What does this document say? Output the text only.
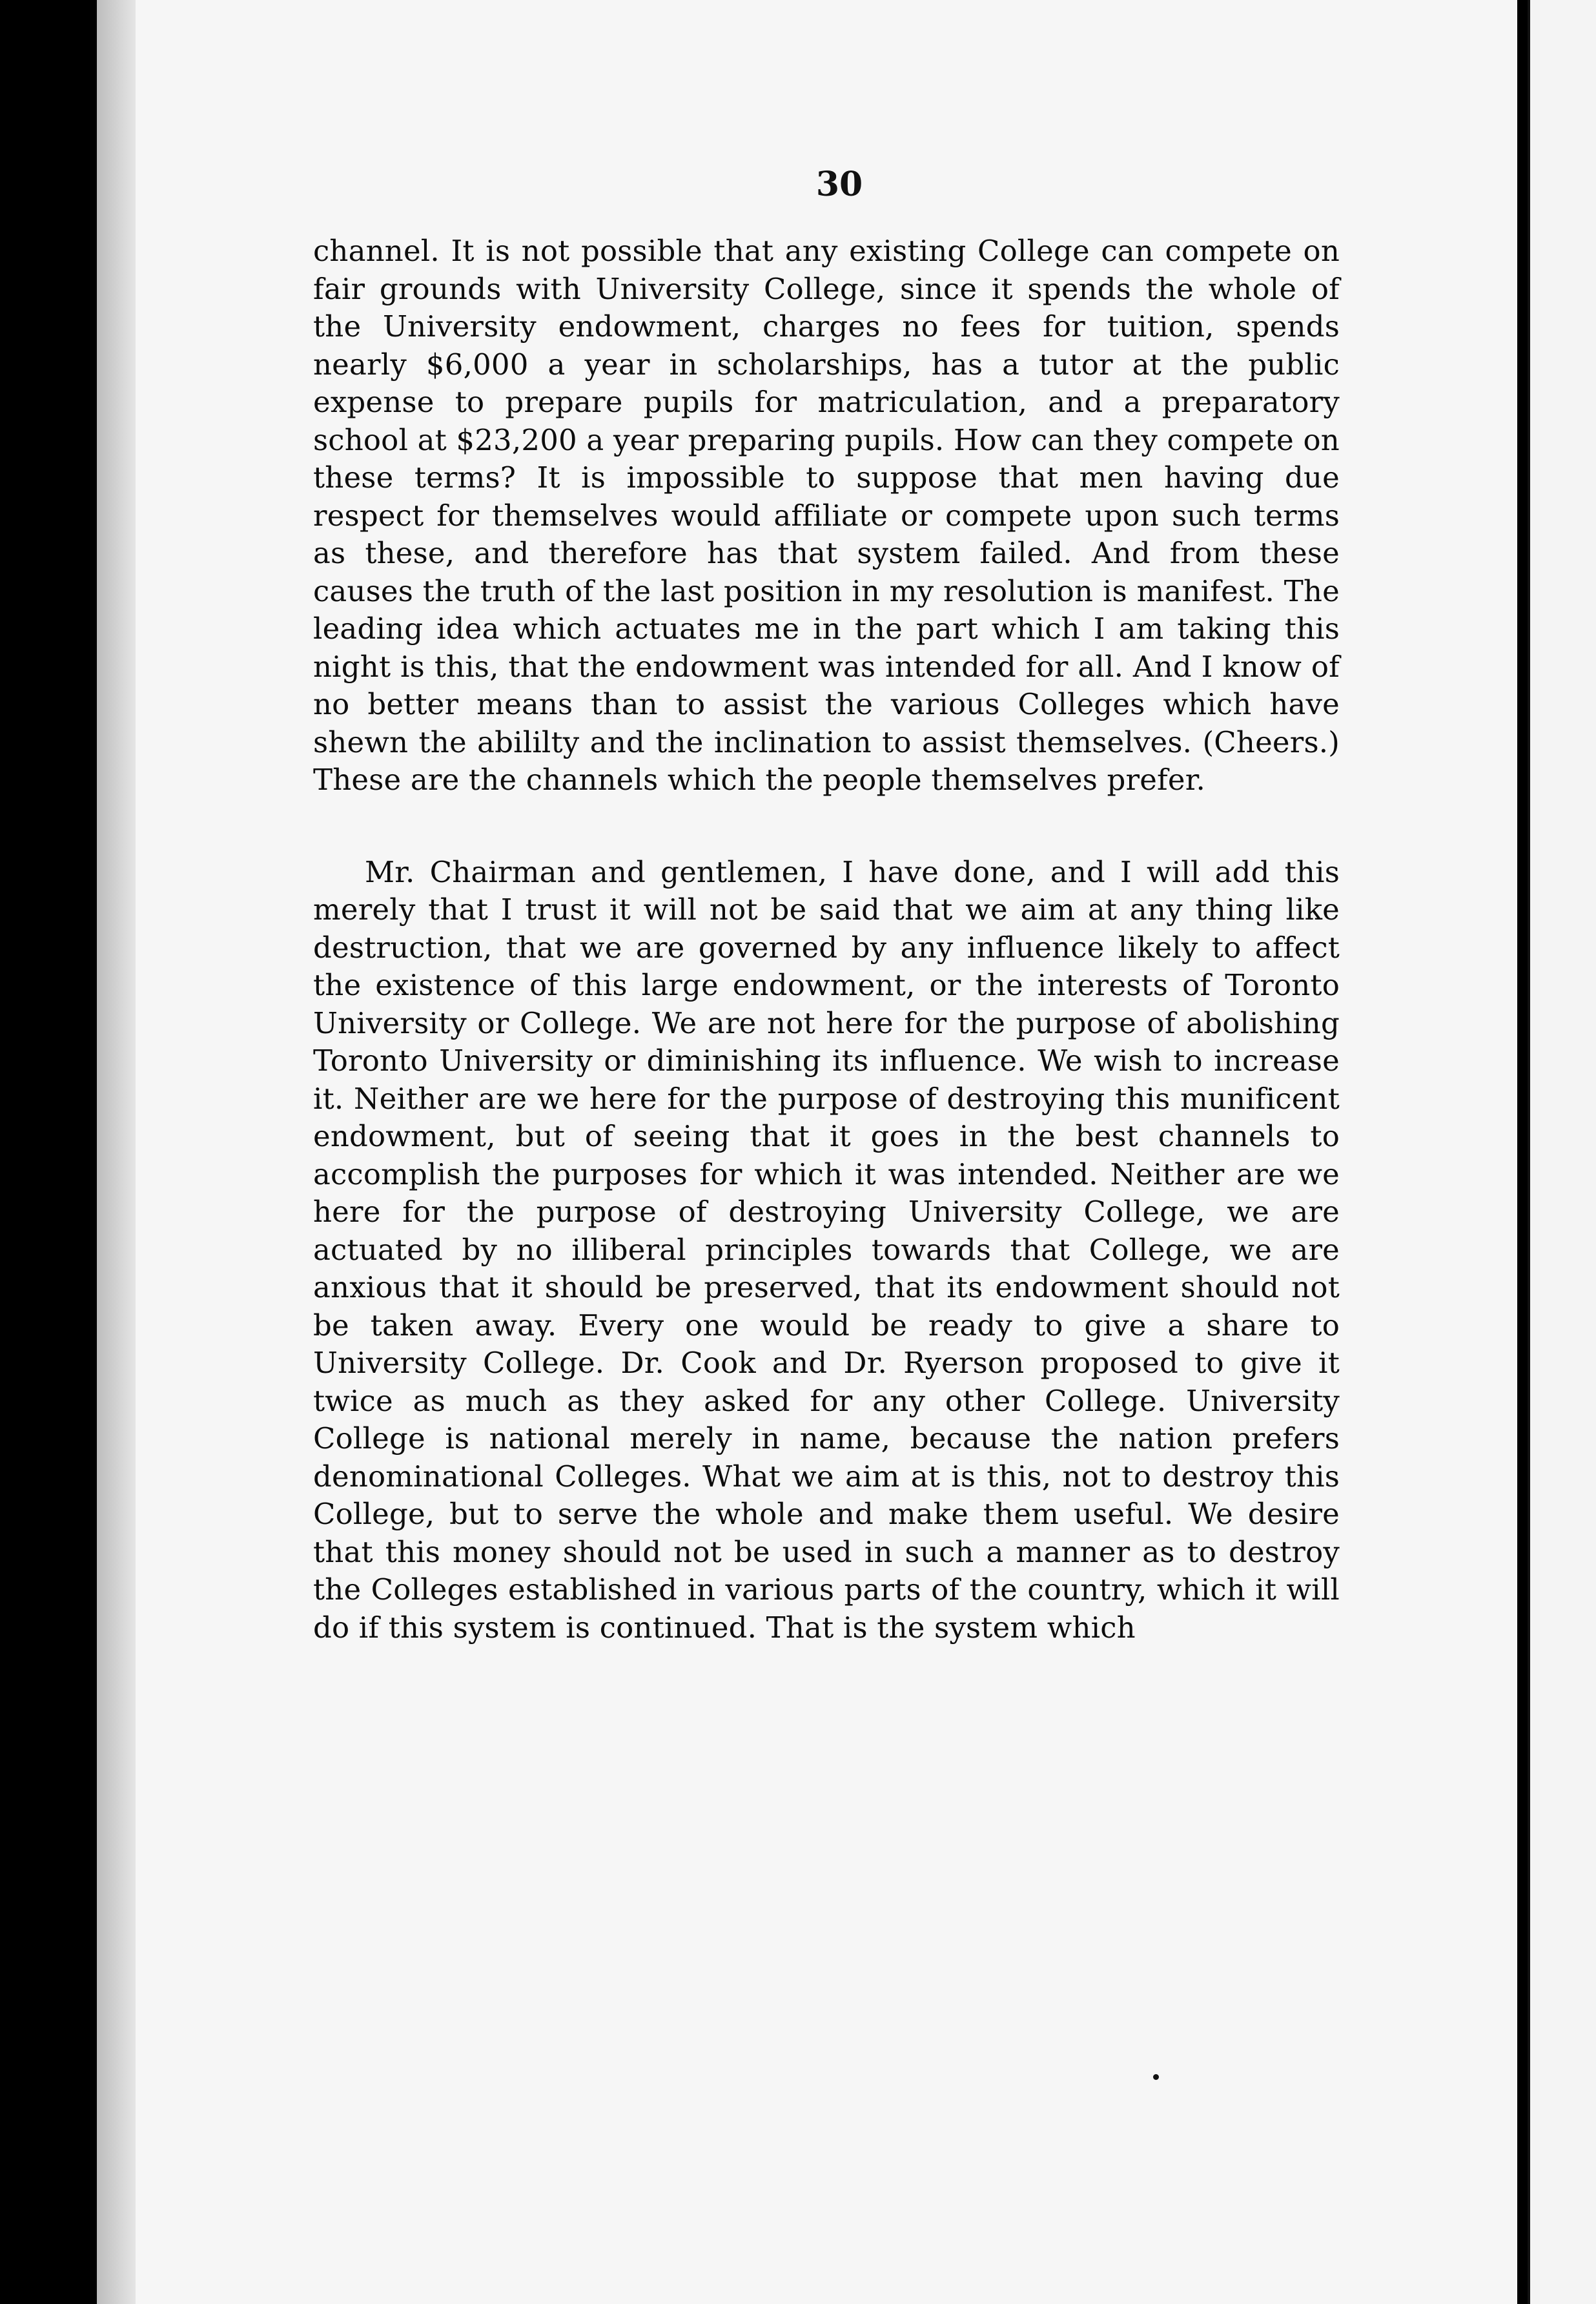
30

channel. It is not possible that any existing College can compete on fair grounds with University College, since it spends the whole of the University endowment, charges no fees for tuition, spends nearly $6,000 a year in scholarships, has a tutor at the public expense to prepare pupils for matriculation, and a preparatory school at $23,200 a year preparing pupils. How can they compete on these terms? It is impossible to suppose that men having due respect for themselves would affiliate or compete upon such terms as these, and therefore has that system failed. And from these causes the truth of the last position in my resolution is manifest. The leading idea which actuates me in the part which I am taking this night is this, that the endowment was intended for all. And I know of no better means than to assist the various Colleges which have shewn the abililty and the inclination to assist themselves. (Cheers.) These are the channels which the people themselves prefer.

Mr. Chairman and gentlemen, I have done, and I will add this merely that I trust it will not be said that we aim at any thing like destruction, that we are governed by any influence likely to affect the existence of this large endowment, or the interests of Toronto University or College. We are not here for the purpose of abolishing Toronto University or diminishing its influence. We wish to increase it. Neither are we here for the purpose of destroying this munificent endowment, but of seeing that it goes in the best channels to accomplish the purposes for which it was intended. Neither are we here for the purpose of destroying University College, we are actuated by no illiberal principles towards that College, we are anxious that it should be preserved, that its endowment should not be taken away. Every one would be ready to give a share to University College. Dr. Cook and Dr. Ryerson proposed to give it twice as much as they asked for any other College. University College is national merely in name, because the nation prefers denominational Colleges. What we aim at is this, not to destroy this College, but to serve the whole and make them useful. We desire that this money should not be used in such a manner as to destroy the Colleges established in various parts of the country, which it will do if this system is continued. That is the system which
